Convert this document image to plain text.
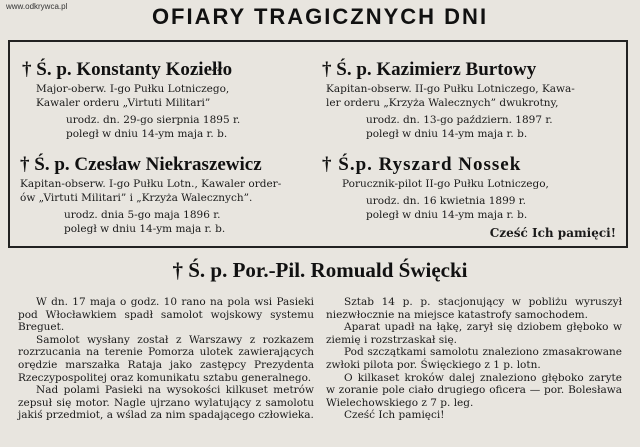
www.odkrywca.pl	OFIARY TRAGICZNYCH DNI
† Ś. p. Konstanty Koziełło
Major-oberw. I-go Pułku Lotniczego,
Kawaler orderu „Virtuti Militari”
urodz. dn. 29-go sierpnia 1895 r.
poległ w dniu 14-ym maja r. b.
† Ś. p. Kazimierz Burtowy
Kapitan-obserw. II-go Pułku Lotniczego, Kawa-
ler orderu „Krzyża Walecznych” dwukrotny,
urodz. dn. 13-go październ. 1897 r.
poległ w dniu 14-ym maja r. b.
† Ś. p. Czesław Niekraszewicz
Kapitan-obserw. I-go Pułku Lotn., Kawaler order-
ów „Virtuti Militari” i „Krzyża Walecznych”.
urodz. dnia 5-go maja 1896 r.
poległ w dniu 14-ym maja r. b.
† Ś.p. Ryszard Nossek
Porucznik-pilot II-go Pułku Lotniczego,
urodz. dn. 16 kwietnia 1899 r.
poległ w dniu 14-ym maja r. b.
Cześć Ich pamięci!
† Ś. p. Por.-Pil. Romuald Święcki

W dn. 17 maja o godz. 10 rano na pola wsi Pasieki pod Włocławkiem spadł samolot wojskowy systemu Breguet.

Samolot wysłany został z Warszawy z rozkazem rozrzucania na terenie Pomorza ulotek zawierających orędzie marszałka Rataja jako zastępcy Prezydenta Rzeczypospolitej oraz komunikatu sztabu generalnego.

Nad polami Pasieki na wysokości kilkuset metrów zepsuł się motor. Nagle ujrzano wylatujący z samolotu jakiś przedmiot, a wślad za nim spadającego człowieka.

Sztab 14 p. p. stacjonujący w pobliżu wyruszył niezwłocznie na miejsce katastrofy samochodem.

Aparat upadł na łąkę, zarył się dziobem głęboko w ziemię i rozstrzaskał się.

Pod szczątkami samolotu znaleziono zmasakrowane zwłoki pilota por. Święckiego z 1 p. lotn.

O kilkaset kroków dalej znaleziono głęboko zaryte w zoranie pole ciało drugiego oficera — por. Bolesława Wielechowskiego z 7 p. leg.

Cześć Ich pamięci!
